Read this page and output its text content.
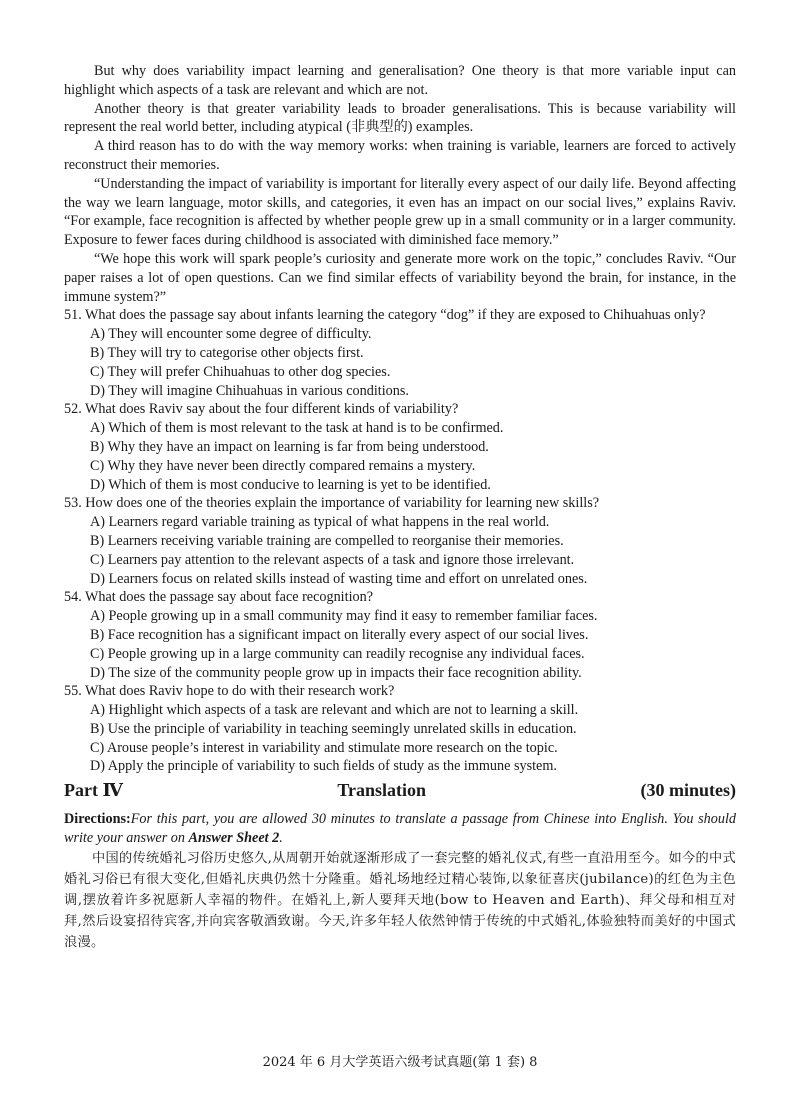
But why does variability impact learning and generalisation? One theory is that more variable input can highlight which aspects of a task are relevant and which are not.

Another theory is that greater variability leads to broader generalisations. This is because variability will represent the real world better, including atypical (非典型的) examples.

A third reason has to do with the way memory works: when training is variable, learners are forced to actively reconstruct their memories.

“Understanding the impact of variability is important for literally every aspect of our daily life. Beyond affecting the way we learn language, motor skills, and categories, it even has an impact on our social lives,” explains Raviv. “For example, face recognition is affected by whether people grew up in a small community or in a larger community. Exposure to fewer faces during childhood is associated with diminished face memory.”

“We hope this work will spark people’s curiosity and generate more work on the topic,” concludes Raviv. “Our paper raises a lot of open questions. Can we find similar effects of variability beyond the brain, for instance, in the immune system?”

51. What does the passage say about infants learning the category “dog” if they are exposed to Chihuahuas only?

A) They will encounter some degree of difficulty.

B) They will try to categorise other objects first.

C) They will prefer Chihuahuas to other dog species.

D) They will imagine Chihuahuas in various conditions.

52. What does Raviv say about the four different kinds of variability?

A) Which of them is most relevant to the task at hand is to be confirmed.

B) Why they have an impact on learning is far from being understood.

C) Why they have never been directly compared remains a mystery.

D) Which of them is most conducive to learning is yet to be identified.

53. How does one of the theories explain the importance of variability for learning new skills?

A) Learners regard variable training as typical of what happens in the real world.

B) Learners receiving variable training are compelled to reorganise their memories.

C) Learners pay attention to the relevant aspects of a task and ignore those irrelevant.

D) Learners focus on related skills instead of wasting time and effort on unrelated ones.

54. What does the passage say about face recognition?

A) People growing up in a small community may find it easy to remember familiar faces.

B) Face recognition has a significant impact on literally every aspect of our social lives.

C) People growing up in a large community can readily recognise any individual faces.

D) The size of the community people grow up in impacts their face recognition ability.

55. What does Raviv hope to do with their research work?

A) Highlight which aspects of a task are relevant and which are not to learning a skill.

B) Use the principle of variability in teaching seemingly unrelated skills in education.

C) Arouse people’s interest in variability and stimulate more research on the topic.

D) Apply the principle of variability to such fields of study as the immune system.

Part Ⅳ	Translation	(30 minutes)

Directions:For this part, you are allowed 30 minutes to translate a passage from Chinese into English. You should write your answer on Answer Sheet 2.

中国的传统婚礼习俗历史悠久,从周朝开始就逐渐形成了一套完整的婚礼仪式,有些一直沿用至今。如今的中式婚礼习俗已有很大变化,但婚礼庆典仍然十分隆重。婚礼场地经过精心装饰,以象征喜庆(jubilance)的红色为主色调,摆放着许多祝愿新人幸福的物件。在婚礼上,新人要拜天地(bow to Heaven and Earth)、拜父母和相互对拜,然后设宴招待宾客,并向宾客敬酒致谢。今天,许多年轻人依然钟情于传统的中式婚礼,体验独特而美好的中国式浪漫。

2024 年 6 月大学英语六级考试真题(第 1 套) 8
